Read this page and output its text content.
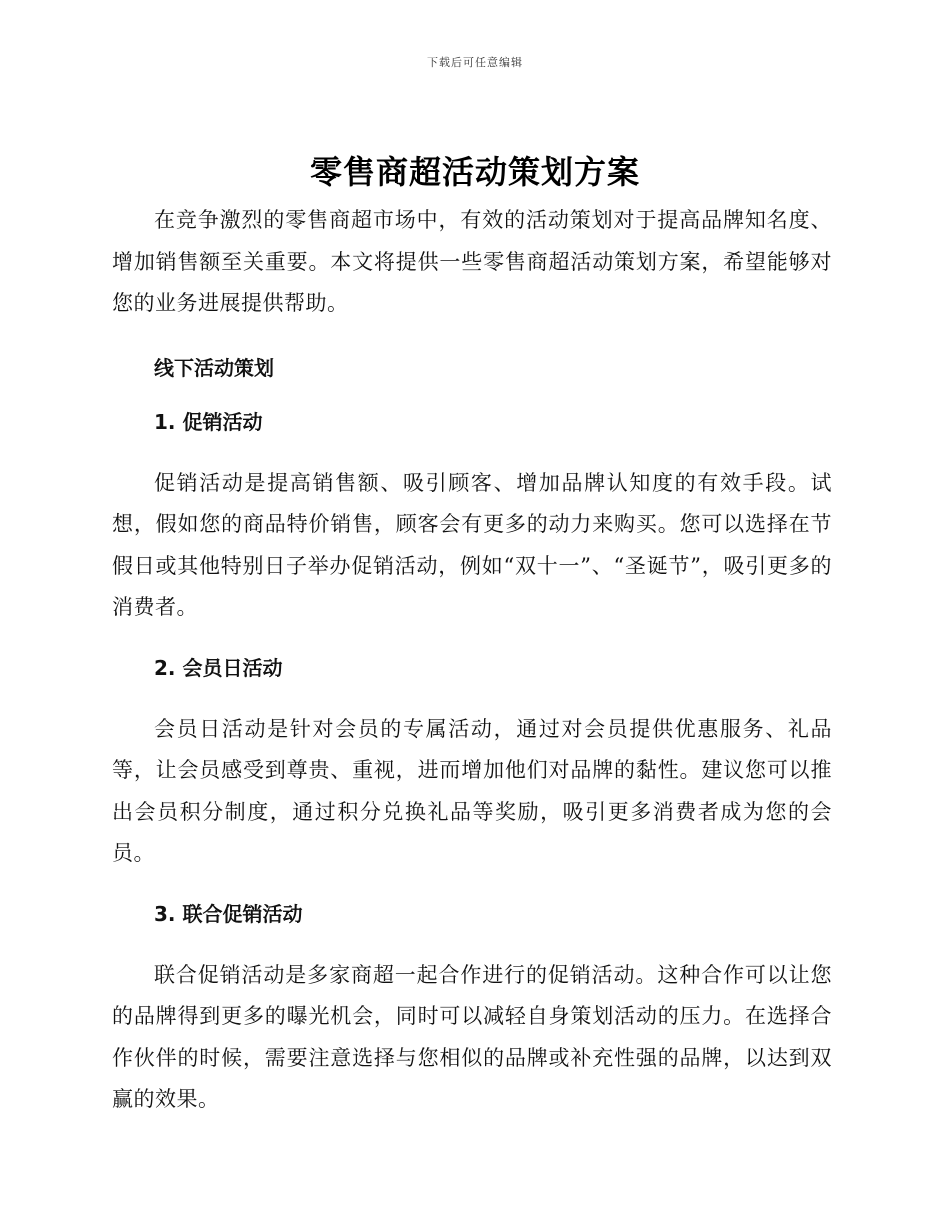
下载后可任意编辑
零售商超活动策划方案

在竞争激烈的零售商超市场中，有效的活动策划对于提高品牌知名度、增加销售额至关重要。本文将提供一些零售商超活动策划方案，希望能够对您的业务进展提供帮助。

线下活动策划
1. 促销活动

促销活动是提高销售额、吸引顾客、增加品牌认知度的有效手段。试想，假如您的商品特价销售，顾客会有更多的动力来购买。您可以选择在节假日或其他特别日子举办促销活动，例如“双十一”、“圣诞节”，吸引更多的消费者。

2. 会员日活动

会员日活动是针对会员的专属活动，通过对会员提供优惠服务、礼品等，让会员感受到尊贵、重视，进而增加他们对品牌的黏性。建议您可以推出会员积分制度，通过积分兑换礼品等奖励，吸引更多消费者成为您的会员。

3. 联合促销活动

联合促销活动是多家商超一起合作进行的促销活动。这种合作可以让您的品牌得到更多的曝光机会，同时可以减轻自身策划活动的压力。在选择合作伙伴的时候，需要注意选择与您相似的品牌或补充性强的品牌，以达到双赢的效果。
